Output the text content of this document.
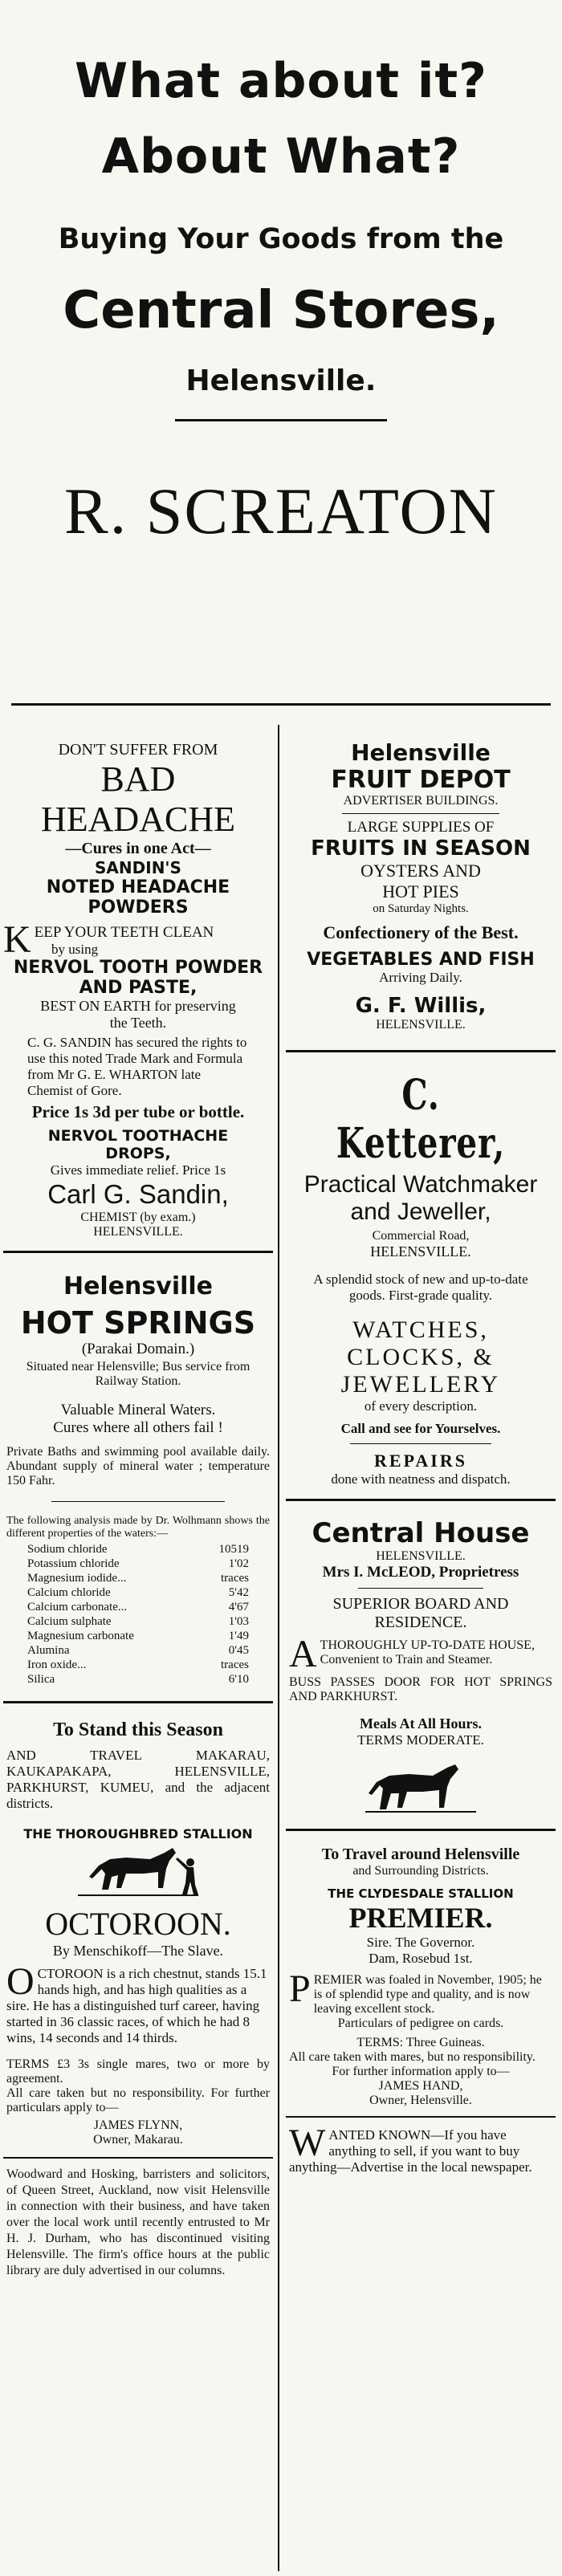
What about it?
About What?
Buying Your Goods from the
Central Stores,
Helensville.
R. SCREATON
DON'T SUFFER FROM
BAD HEADACHE
—Cures in one Act—
SANDIN'S
NOTED HEADACHE POWDERS
K EEP YOUR TEETH CLEAN
by using
NERVOL TOOTH POWDER
AND PASTE,
BEST ON EARTH for preserving
the Teeth.
C. G. SANDIN has secured the rights to use this noted Trade Mark and Formula from Mr G. E. WHARTON late Chemist of Gore.
Price 1s 3d per tube or bottle.
NERVOL TOOTHACHE
DROPS,
Gives immediate relief. Price 1s
Carl G. Sandin,
CHEMIST (by exam.)
HELENSVILLE.
Helensville
HOT SPRINGS
(Parakai Domain.)
Situated near Helensville; Bus service from Railway Station.
Valuable Mineral Waters.
Cures where all others fail !
Private Baths and swimming pool available daily. Abundant supply of mineral water ; temperature 150 Fahr.
The following analysis made by Dr. Wolhmann shows the different properties of the waters:—
Sodium chloride	10519
Potassium chloride	1'02
Magnesium iodide...	traces
Calcium chloride	5'42
Calcium carbonate...	4'67
Calcium sulphate	1'03
Magnesium carbonate	1'49
Alumina	0'45
Iron oxide...	traces
Silica	6'10
To Stand this Season
AND TRAVEL MAKARAU, KAUKAPAKAPA, HELENSVILLE, PARKHURST, KUMEU, and the adjacent districts.
THE THOROUGHBRED STALLION
OCTOROON.
By Menschikoff—The Slave.
OCTOROON is a rich chestnut, stands 15.1 hands high, and has high qualities as a sire. He has a distinguished turf career, having started in 36 classic races, of which he had 8 wins, 14 seconds and 14 thirds.
TERMS £3 3s single mares, two or more by agreement.
All care taken but no responsibility. For further particulars apply to—
JAMES FLYNN,
Owner, Makarau.
Woodward and Hosking, barristers and solicitors, of Queen Street, Auckland, now visit Helensville in connection with their business, and have taken over the local work until recently entrusted to Mr H. J. Durham, who has discontinued visiting Helensville. The firm's office hours at the public library are duly advertised in our columns.
Helensville
FRUIT DEPOT
ADVERTISER BUILDINGS.
LARGE SUPPLIES OF
FRUITS IN SEASON
OYSTERS AND
HOT PIES
on Saturday Nights.
Confectionery of the Best.
VEGETABLES AND FISH
Arriving Daily.
G. F. Willis,
HELENSVILLE.
C. Ketterer,
Practical Watchmaker
and Jeweller,
Commercial Road,
HELENSVILLE.
A splendid stock of new and up-to-date goods. First-grade quality.
WATCHES,
CLOCKS, &
JEWELLERY
of every description.
Call and see for Yourselves.
REPAIRS
done with neatness and dispatch.
Central House
HELENSVILLE.
Mrs I. McLEOD, Proprietress
SUPERIOR BOARD AND
RESIDENCE.
ATHOROUGHLY UP-TO-DATE HOUSE, Convenient to Train and Steamer.
BUSS PASSES DOOR FOR HOT SPRINGS AND PARKHURST.
Meals At All Hours.
TERMS MODERATE.
To Travel around Helensville
and Surrounding Districts.
THE CLYDESDALE STALLION
PREMIER.
Sire. The Governor.
Dam, Rosebud 1st.
PREMIER was foaled in November, 1905; he is of splendid type and quality, and is now leaving excellent stock.
Particulars of pedigree on cards.
TERMS: Three Guineas.
All care taken with mares, but no responsibility.
For further information apply to—
JAMES HAND,
Owner, Helensville.
WANTED KNOWN—If you have anything to sell, if you want to buy anything—Advertise in the local newspaper.
